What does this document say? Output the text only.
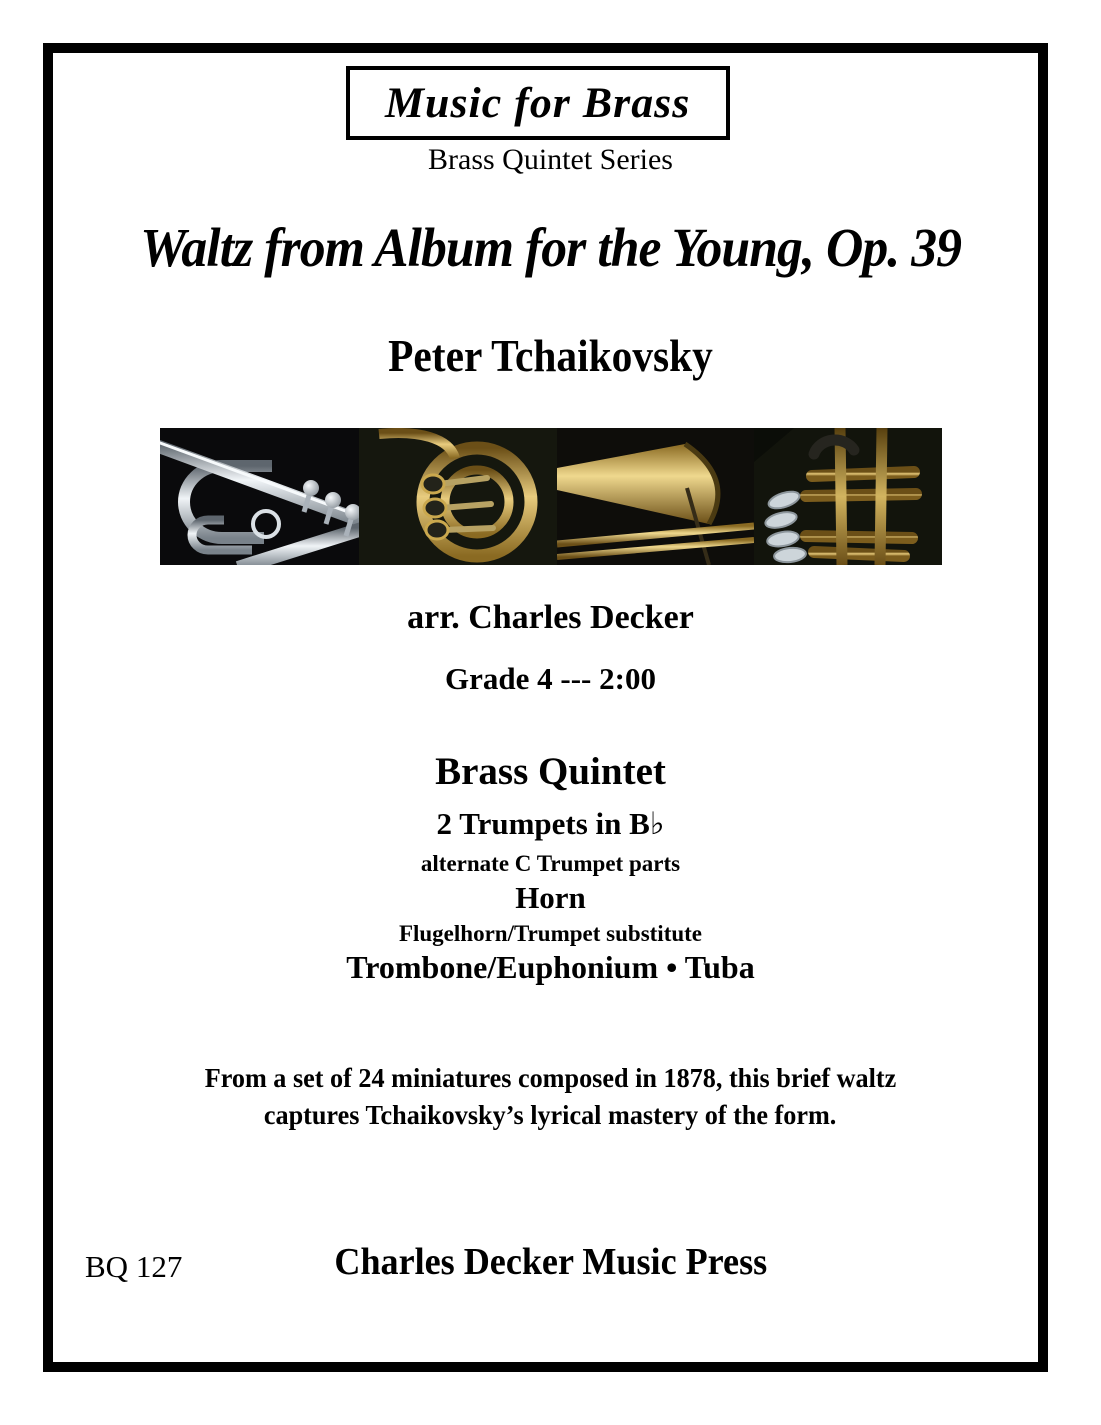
Music for Brass
Brass Quintet Series
Waltz from Album for the Young, Op. 39
Peter Tchaikovsky
arr. Charles Decker
Grade 4 --- 2:00
Brass Quintet
2 Trumpets in B♭
alternate C Trumpet parts
Horn
Flugelhorn/Trumpet substitute
Trombone/Euphonium • Tuba
From a set of 24 miniatures composed in 1878, this brief waltz
captures Tchaikovsky’s lyrical mastery of the form.
BQ 127	Charles Decker Music Press
